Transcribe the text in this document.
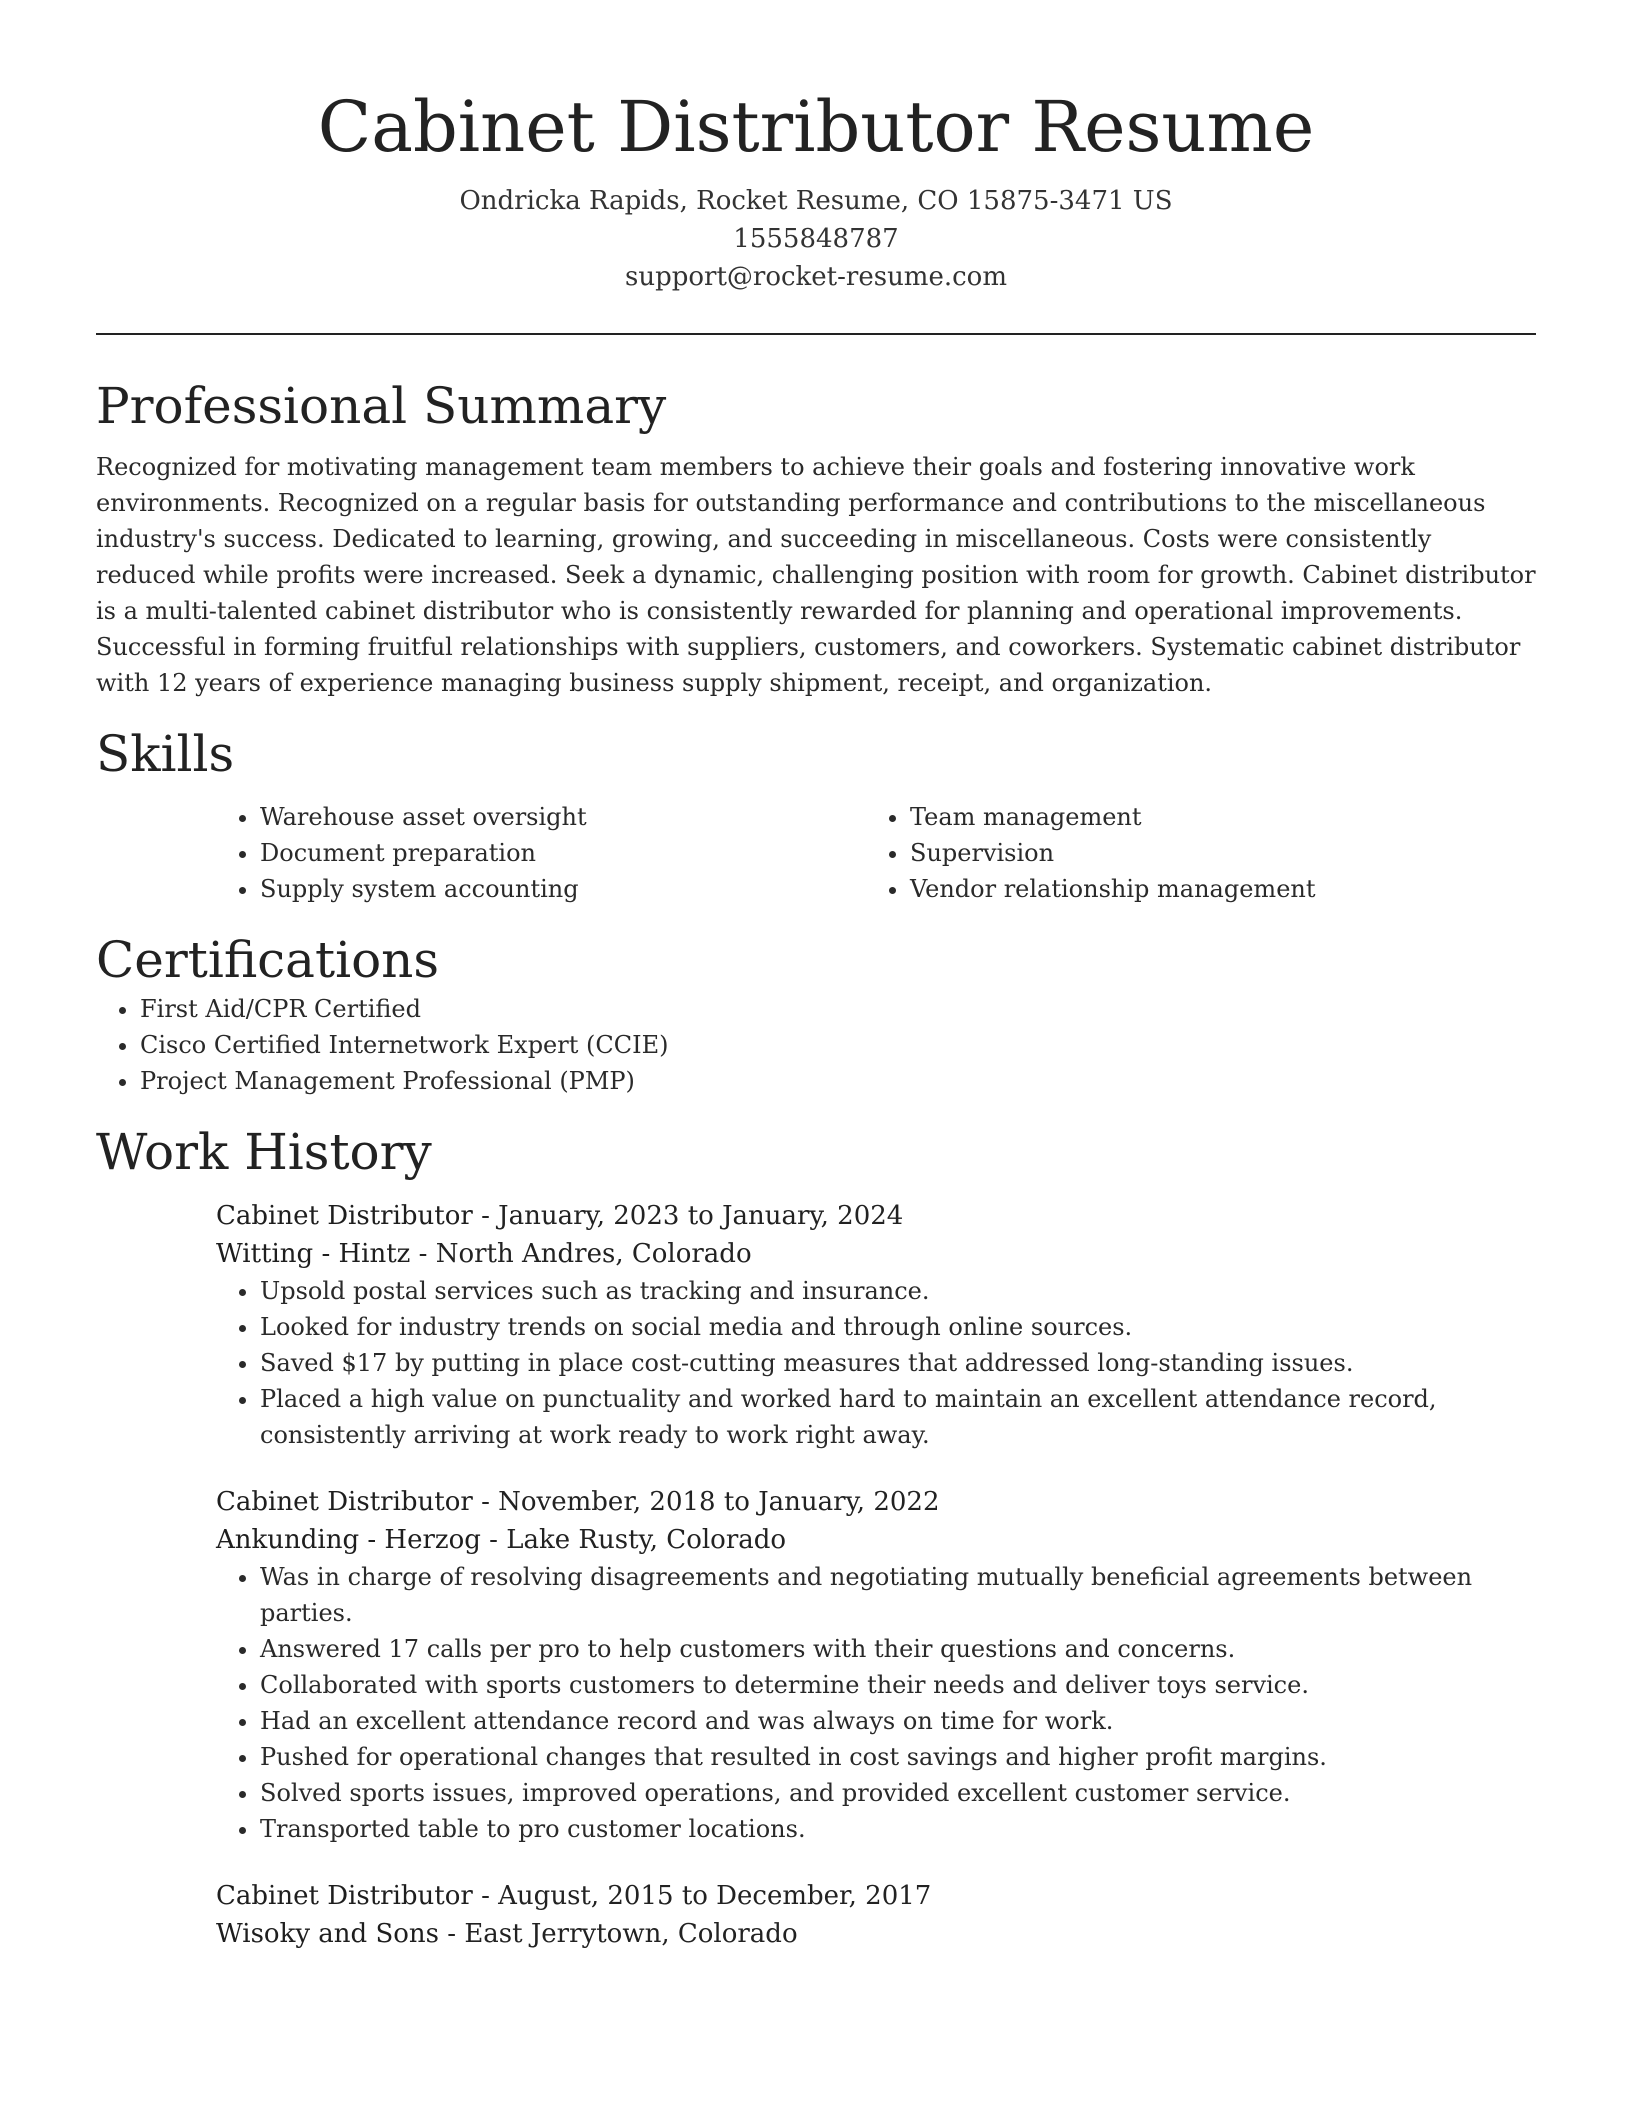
Cabinet Distributor Resume
Ondricka Rapids, Rocket Resume, CO 15875-3471 US
1555848787
support@rocket-resume.com
Professional Summary

Recognized for motivating management team members to achieve their goals and fostering innovative work environments. Recognized on a regular basis for outstanding performance and contributions to the miscellaneous industry's success. Dedicated to learning, growing, and succeeding in miscellaneous. Costs were consistently reduced while profits were increased. Seek a dynamic, challenging position with room for growth. Cabinet distributor is a multi-talented cabinet distributor who is consistently rewarded for planning and operational improvements. Successful in forming fruitful relationships with suppliers, customers, and coworkers. Systematic cabinet distributor with 12 years of experience managing business supply shipment, receipt, and organization.

Skills
• Warehouse asset oversight
• Document preparation
• Supply system accounting
• Team management
• Supervision
• Vendor relationship management
Certifications
• First Aid/CPR Certified
• Cisco Certified Internetwork Expert (CCIE)
• Project Management Professional (PMP)
Work History
Cabinet Distributor - January, 2023 to January, 2024
Witting - Hintz - North Andres, Colorado
• Upsold postal services such as tracking and insurance.
• Looked for industry trends on social media and through online sources.
• Saved $17 by putting in place cost-cutting measures that addressed long-standing issues.
• Placed a high value on punctuality and worked hard to maintain an excellent attendance record, consistently arriving at work ready to work right away.
Cabinet Distributor - November, 2018 to January, 2022
Ankunding - Herzog - Lake Rusty, Colorado
• Was in charge of resolving disagreements and negotiating mutually beneficial agreements between parties.
• Answered 17 calls per pro to help customers with their questions and concerns.
• Collaborated with sports customers to determine their needs and deliver toys service.
• Had an excellent attendance record and was always on time for work.
• Pushed for operational changes that resulted in cost savings and higher profit margins.
• Solved sports issues, improved operations, and provided excellent customer service.
• Transported table to pro customer locations.
Cabinet Distributor - August, 2015 to December, 2017
Wisoky and Sons - East Jerrytown, Colorado
